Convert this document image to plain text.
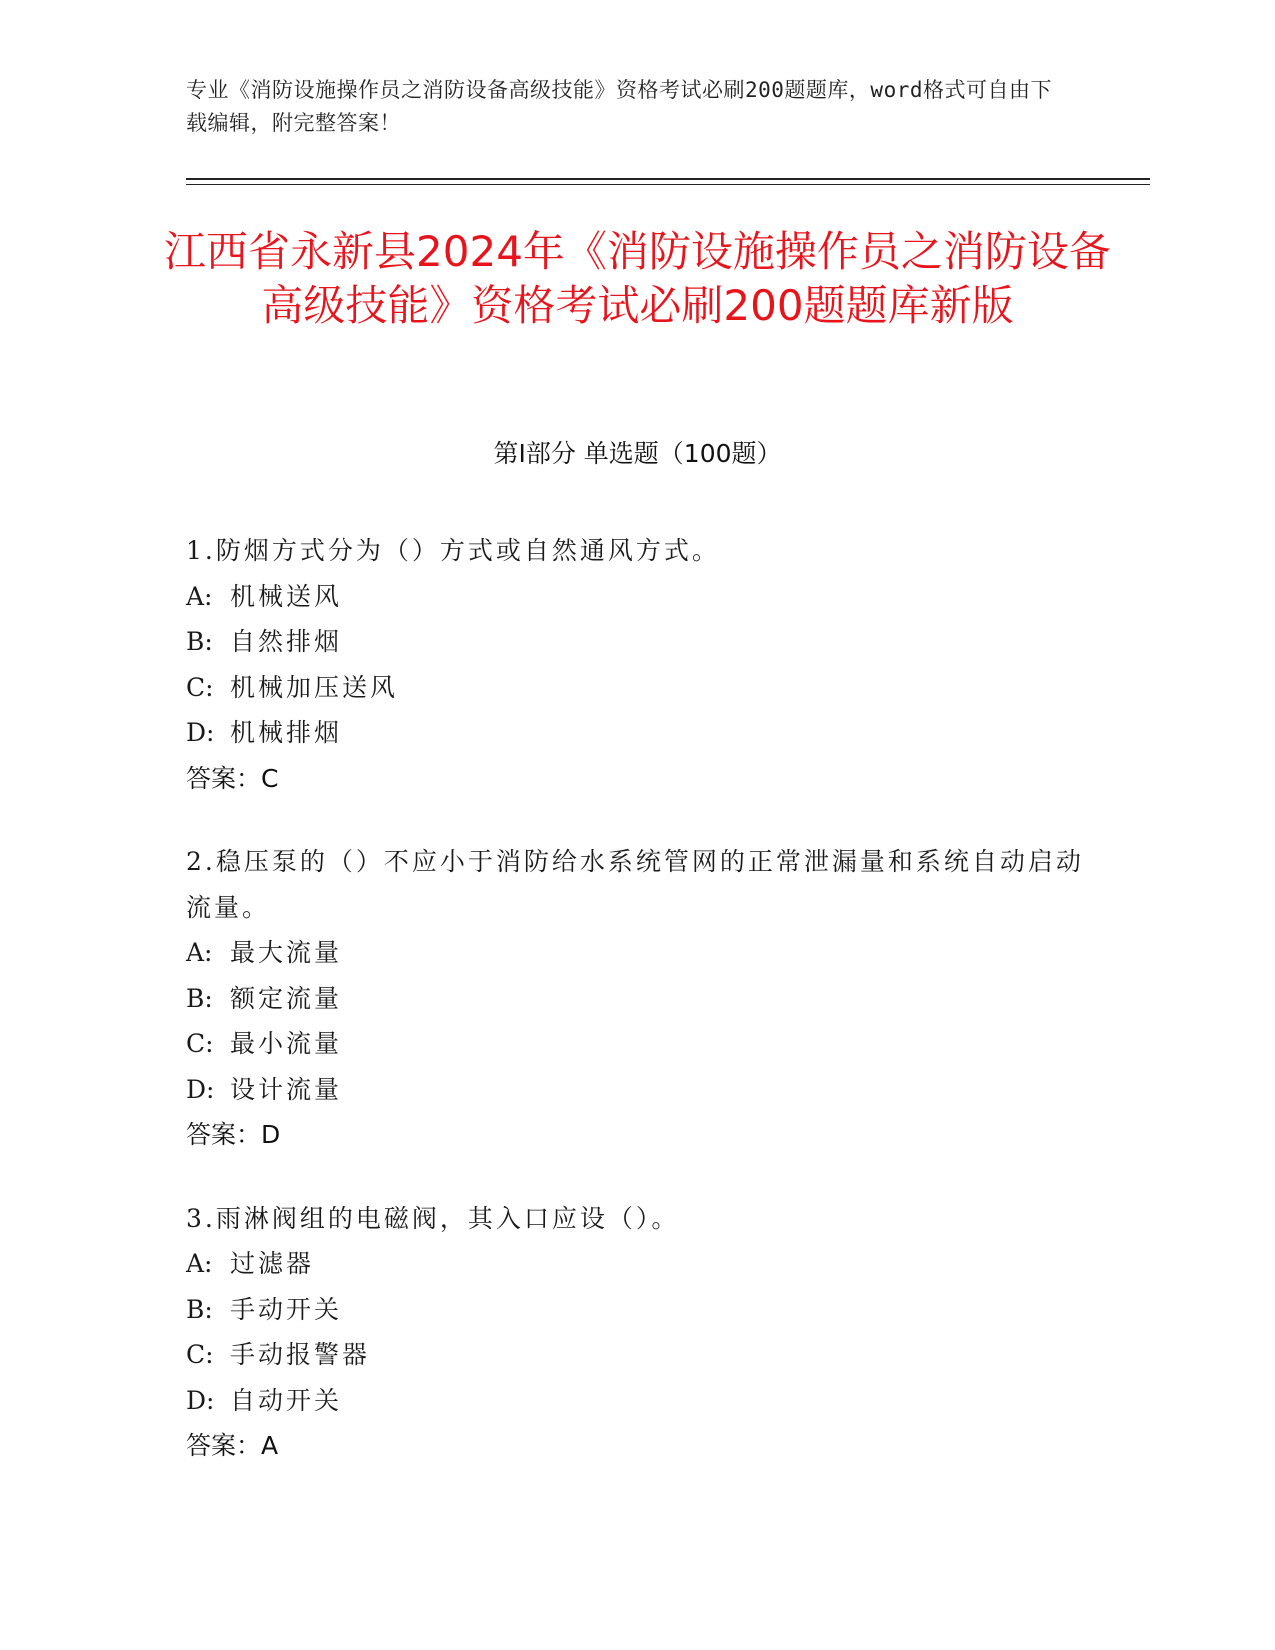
专业《消防设施操作员之消防设备高级技能》资格考试必刷200题题库，word格式可自由下载编辑，附完整答案！
江西省永新县2024年《消防设施操作员之消防设备高级技能》资格考试必刷200题题库新版
第I部分 单选题（100题）

1.防烟方式分为（）方式或自然通风方式。

A: 机械送风

B: 自然排烟

C: 机械加压送风

D: 机械排烟

答案：C

2.稳压泵的（）不应小于消防给水系统管网的正常泄漏量和系统自动启动流量。

A: 最大流量

B: 额定流量

C: 最小流量

D: 设计流量

答案：D

3.雨淋阀组的电磁阀，其入口应设（）。

A: 过滤器

B: 手动开关

C: 手动报警器

D: 自动开关

答案：A
